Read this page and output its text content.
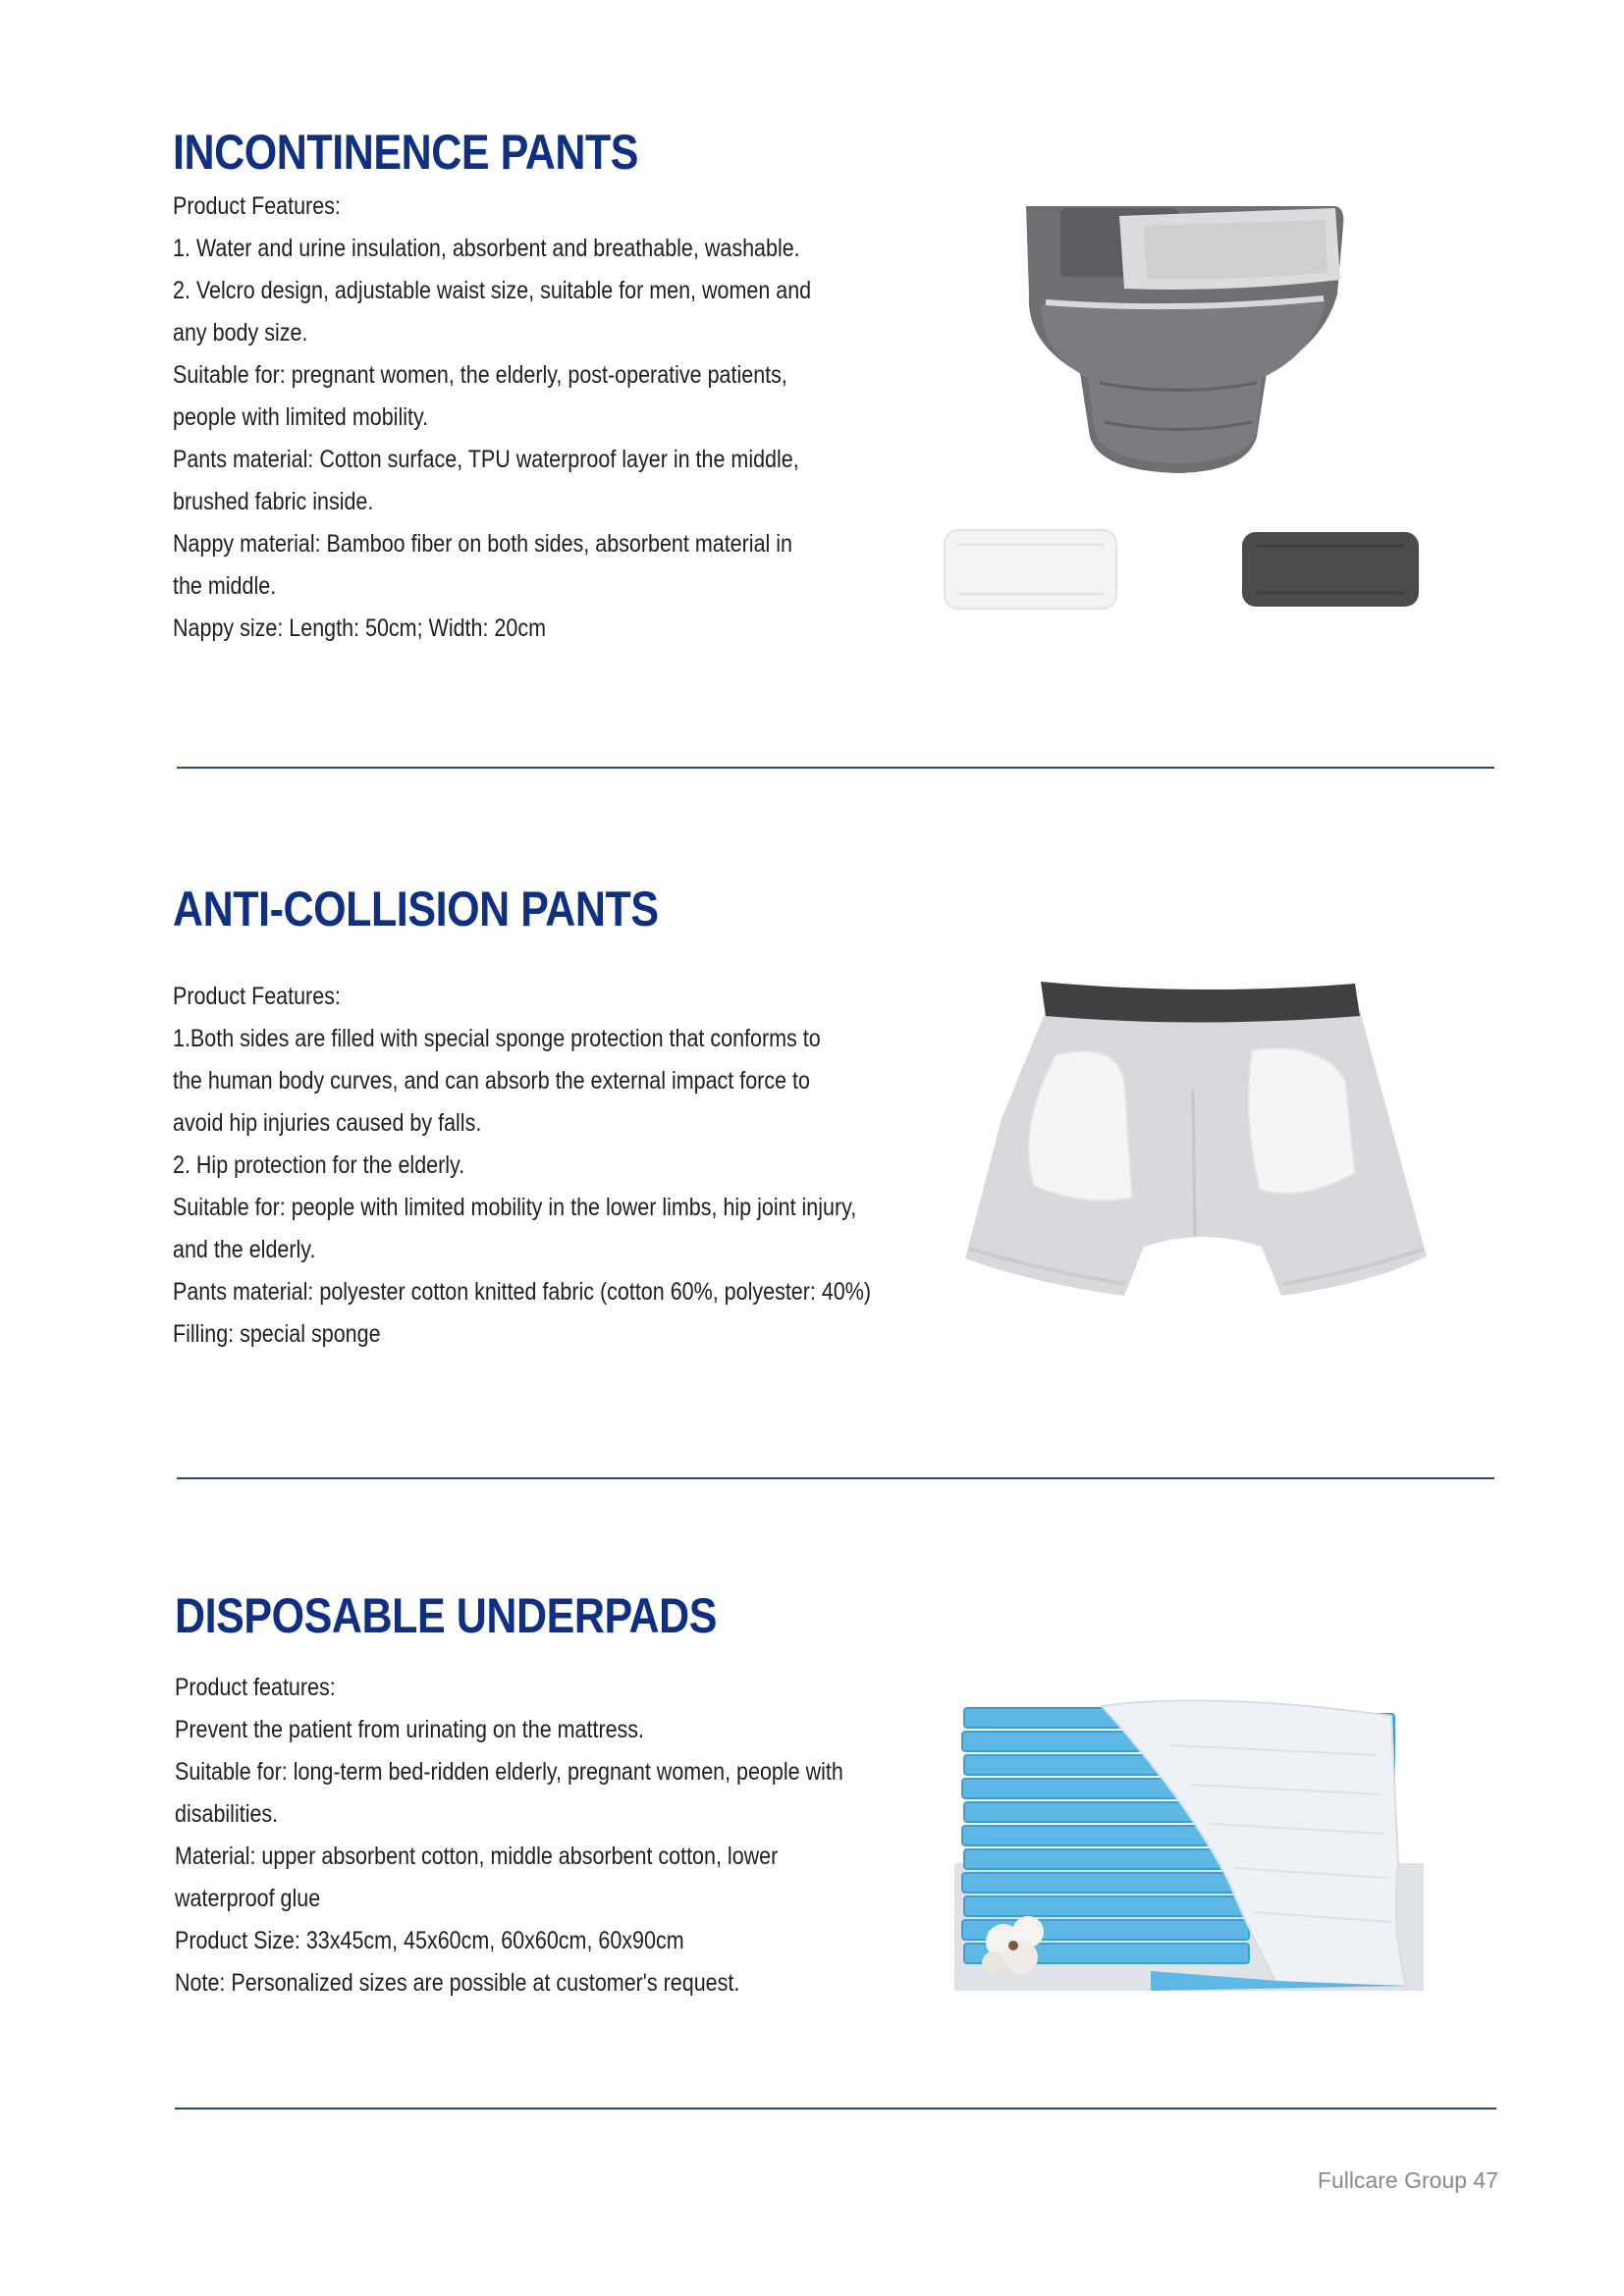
INCONTINENCE PANTS
Product Features:
1. Water and urine insulation, absorbent and breathable, washable.
2. Velcro design, adjustable waist size, suitable for men, women and
any body size.
Suitable for: pregnant women, the elderly, post-operative patients,
people with limited mobility.
Pants material: Cotton surface, TPU waterproof layer in the middle,
brushed fabric inside.
Nappy material: Bamboo fiber on both sides, absorbent material in
the middle.
Nappy size: Length: 50cm; Width: 20cm
ANTI-COLLISION PANTS
Product Features:
1.Both sides are filled with special sponge protection that conforms to
the human body curves, and can absorb the external impact force to
avoid hip injuries caused by falls.
2. Hip protection for the elderly.
Suitable for: people with limited mobility in the lower limbs, hip joint injury,
and the elderly.
Pants material: polyester cotton knitted fabric (cotton 60%, polyester: 40%)
Filling: special sponge
DISPOSABLE UNDERPADS
Product features:
Prevent the patient from urinating on the mattress.
Suitable for: long-term bed-ridden elderly, pregnant women, people with
disabilities.
Material: upper absorbent cotton, middle absorbent cotton, lower
waterproof glue
Product Size: 33x45cm, 45x60cm, 60x60cm, 60x90cm
Note: Personalized sizes are possible at customer's request.
Fullcare Group 47
